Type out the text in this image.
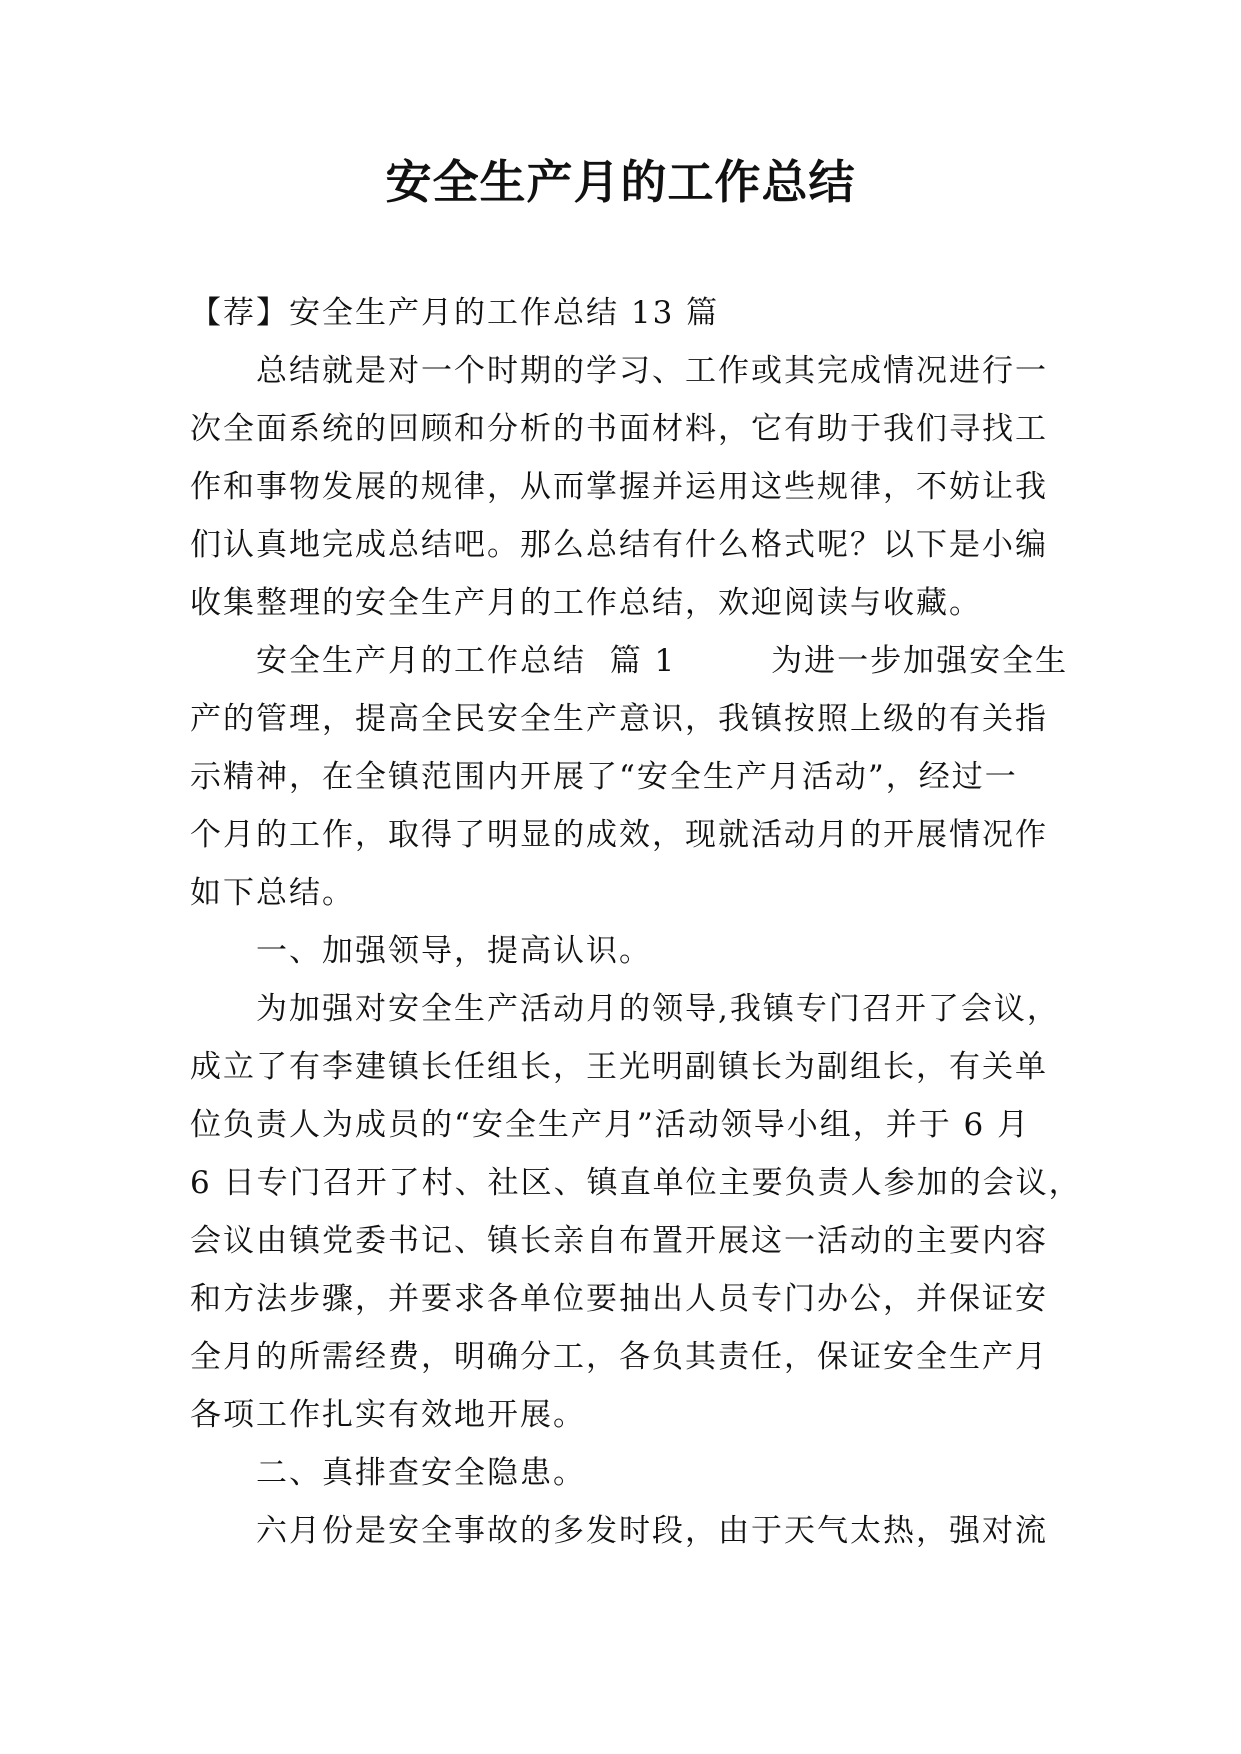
安全生产月的工作总结
【荐】安全生产月的工作总结 13 篇
总结就是对一个时期的学习、工作或其完成情况进行一
次全面系统的回顾和分析的书面材料，它有助于我们寻找工
作和事物发展的规律，从而掌握并运用这些规律，不妨让我
们认真地完成总结吧。那么总结有什么格式呢？以下是小编
收集整理的安全生产月的工作总结，欢迎阅读与收藏。
安全生产月的工作总结  篇 1        为进一步加强安全生
产的管理，提高全民安全生产意识，我镇按照上级的有关指
示精神，在全镇范围内开展了“安全生产月活动”，经过一
个月的工作，取得了明显的成效，现就活动月的开展情况作
如下总结。
一、加强领导，提高认识。
为加强对安全生产活动月的领导,我镇专门召开了会议，
成立了有李建镇长任组长，王光明副镇长为副组长，有关单
位负责人为成员的“安全生产月”活动领导小组，并于 6 月
6 日专门召开了村、社区、镇直单位主要负责人参加的会议，
会议由镇党委书记、镇长亲自布置开展这一活动的主要内容
和方法步骤，并要求各单位要抽出人员专门办公，并保证安
全月的所需经费，明确分工，各负其责任，保证安全生产月
各项工作扎实有效地开展。
二、真排查安全隐患。
六月份是安全事故的多发时段，由于天气太热，强对流
